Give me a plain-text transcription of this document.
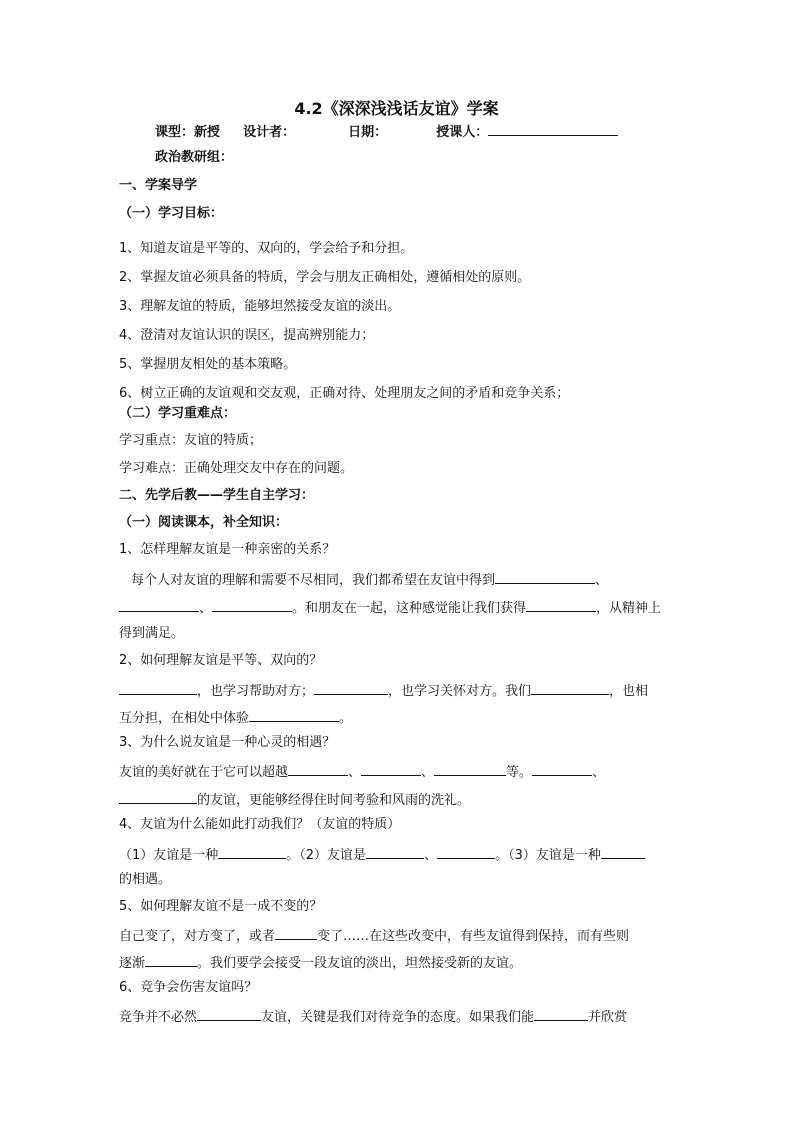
4.2《深深浅浅话友谊》学案
课型：新授 设计者：	日期：	授课人：
政治教研组：
一、学案导学
（一）学习目标：
1、知道友谊是平等的、双向的，学会给予和分担。
2、掌握友谊必须具备的特质，学会与朋友正确相处，遵循相处的原则。
3、理解友谊的特质，能够坦然接受友谊的淡出。
4、澄清对友谊认识的误区，提高辨别能力；
5、掌握朋友相处的基本策略。
6、树立正确的友谊观和交友观，正确对待、处理朋友之间的矛盾和竞争关系；
（二）学习重难点：
学习重点：友谊的特质；
学习难点：正确处理交友中存在的问题。
二、先学后教——学生自主学习：
（一）阅读课本，补全知识：
1、怎样理解友谊是一种亲密的关系？
每个人对友谊的理解和需要不尽相同，我们都希望在友谊中得到	、
、	。和朋友在一起，这种感觉能让我们获得	，从精神上
得到满足。
2、如何理解友谊是平等、双向的？
，也学习帮助对方；	，也学习关怀对方。我们	，也相
互分担，在相处中体验	。
3、为什么说友谊是一种心灵的相遇？
友谊的美好就在于它可以超越	、	、	等。	、
的友谊，更能够经得住时间考验和风雨的洗礼。
4、友谊为什么能如此打动我们？（友谊的特质）
（1）友谊是一种	。（2）友谊是	、	。（3）友谊是一种
的相遇。
5、如何理解友谊不是一成不变的？
自己变了，对方变了，或者	变了……在这些改变中，有些友谊得到保持，而有些则
逐渐	。我们要学会接受一段友谊的淡出，坦然接受新的友谊。
6、竞争会伤害友谊吗？
竞争并不必然	友谊，关键是我们对待竞争的态度。如果我们能	并欣赏
